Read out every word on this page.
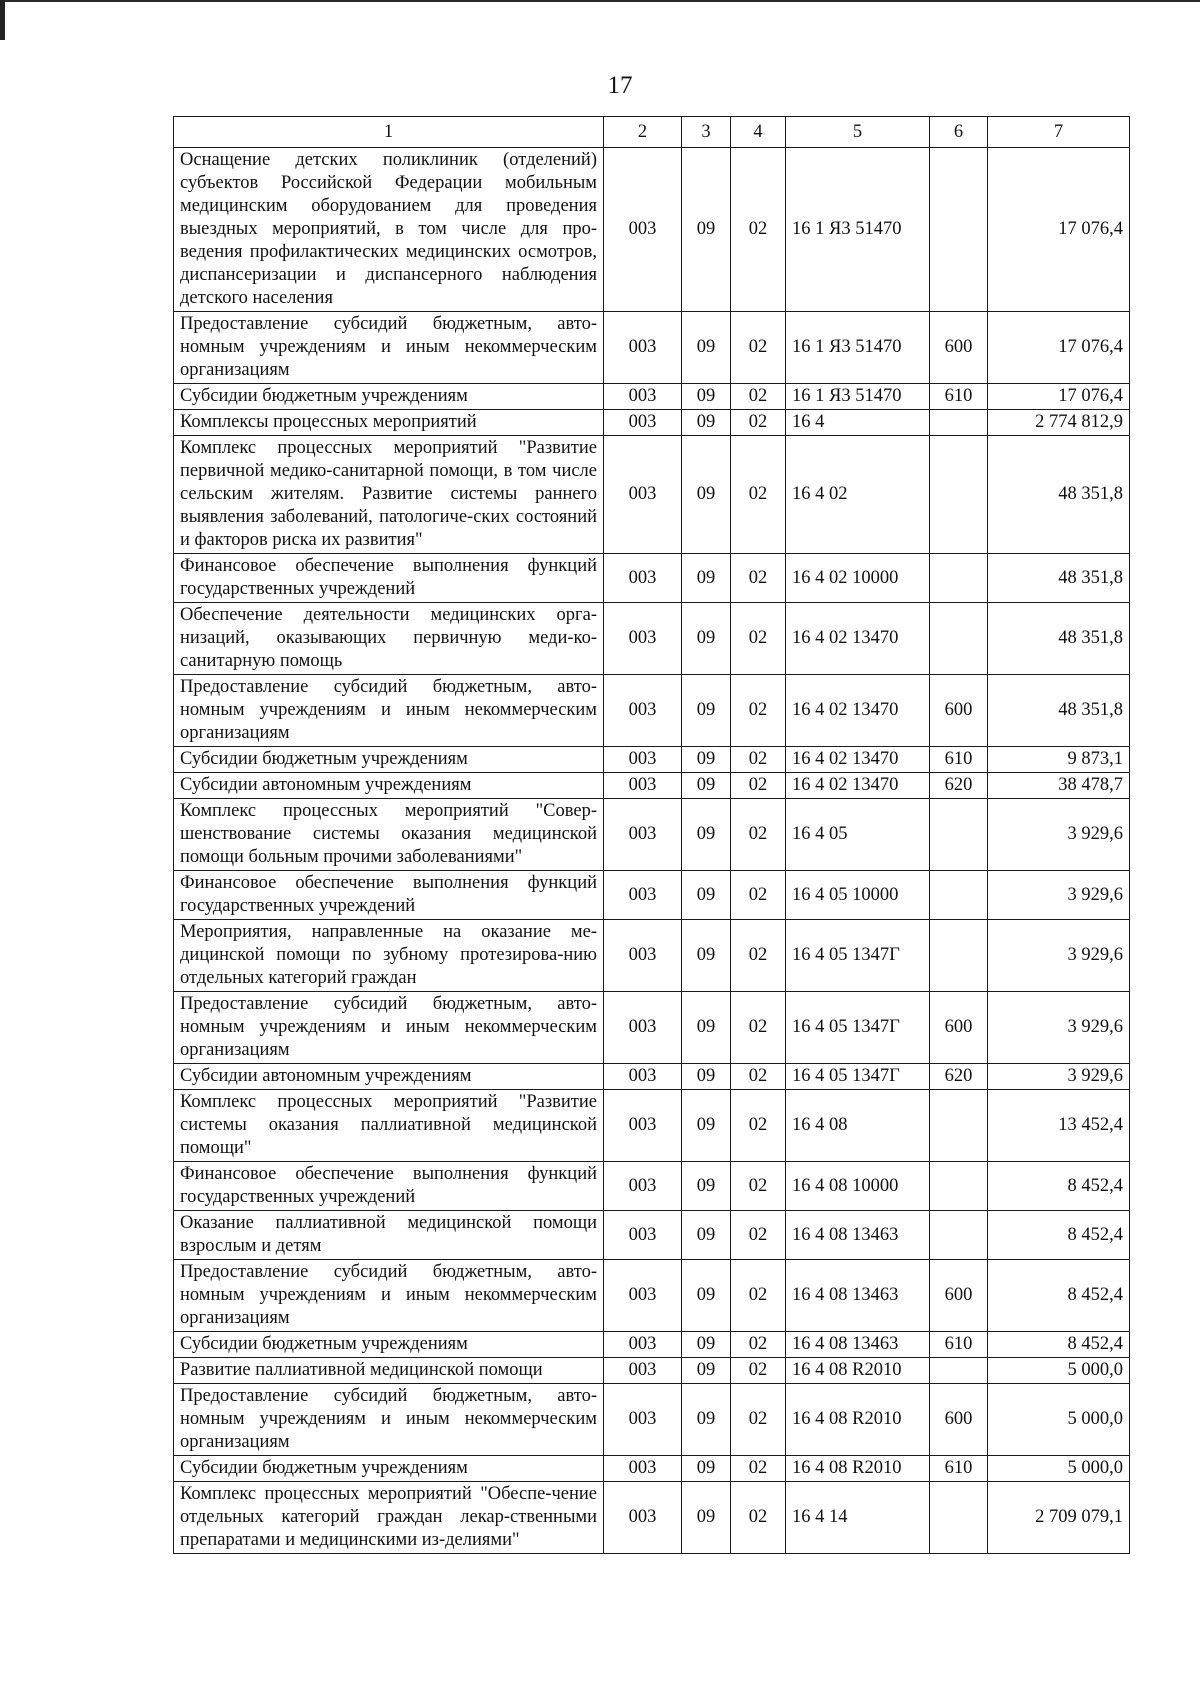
17
1	2	3	4	5	6	7
Оснащение детских поликлиник (отделений) субъектов Российской Федерации мобильным медицинским оборудованием для проведения выездных мероприятий, в том числе для про-ведения профилактических медицинских осмотров, диспансеризации и диспансерного наблюдения детского населения	003	09	02	16 1 Я3 51470		17 076,4
Предоставление субсидий бюджетным, авто-номным учреждениям и иным некоммерческим организациям	003	09	02	16 1 Я3 51470	600	17 076,4
Субсидии бюджетным учреждениям	003	09	02	16 1 Я3 51470	610	17 076,4
Комплексы процессных мероприятий	003	09	02	16 4		2 774 812,9
Комплекс процессных мероприятий "Развитие первичной медико-санитарной помощи, в том числе сельским жителям. Развитие системы раннего выявления заболеваний, патологиче-ских состояний и факторов риска их развития"	003	09	02	16 4 02		48 351,8
Финансовое обеспечение выполнения функций государственных учреждений	003	09	02	16 4 02 10000		48 351,8
Обеспечение деятельности медицинских орга-низаций, оказывающих первичную меди-ко-санитарную помощь	003	09	02	16 4 02 13470		48 351,8
Предоставление субсидий бюджетным, авто-номным учреждениям и иным некоммерческим организациям	003	09	02	16 4 02 13470	600	48 351,8
Субсидии бюджетным учреждениям	003	09	02	16 4 02 13470	610	9 873,1
Субсидии автономным учреждениям	003	09	02	16 4 02 13470	620	38 478,7
Комплекс процессных мероприятий "Совер-шенствование системы оказания медицинской помощи больным прочими заболеваниями"	003	09	02	16 4 05		3 929,6
Финансовое обеспечение выполнения функций государственных учреждений	003	09	02	16 4 05 10000		3 929,6
Мероприятия, направленные на оказание ме-дицинской помощи по зубному протезирова-нию отдельных категорий граждан	003	09	02	16 4 05 1347Г		3 929,6
Предоставление субсидий бюджетным, авто-номным учреждениям и иным некоммерческим организациям	003	09	02	16 4 05 1347Г	600	3 929,6
Субсидии автономным учреждениям	003	09	02	16 4 05 1347Г	620	3 929,6
Комплекс процессных мероприятий "Развитие системы оказания паллиативной медицинской помощи"	003	09	02	16 4 08		13 452,4
Финансовое обеспечение выполнения функций государственных учреждений	003	09	02	16 4 08 10000		8 452,4
Оказание паллиативной медицинской помощи взрослым и детям	003	09	02	16 4 08 13463		8 452,4
Предоставление субсидий бюджетным, авто-номным учреждениям и иным некоммерческим организациям	003	09	02	16 4 08 13463	600	8 452,4
Субсидии бюджетным учреждениям	003	09	02	16 4 08 13463	610	8 452,4
Развитие паллиативной медицинской помощи	003	09	02	16 4 08 R2010		5 000,0
Предоставление субсидий бюджетным, авто-номным учреждениям и иным некоммерческим организациям	003	09	02	16 4 08 R2010	600	5 000,0
Субсидии бюджетным учреждениям	003	09	02	16 4 08 R2010	610	5 000,0
Комплекс процессных мероприятий "Обеспе-чение отдельных категорий граждан лекар-ственными препаратами и медицинскими из-делиями"	003	09	02	16 4 14		2 709 079,1
